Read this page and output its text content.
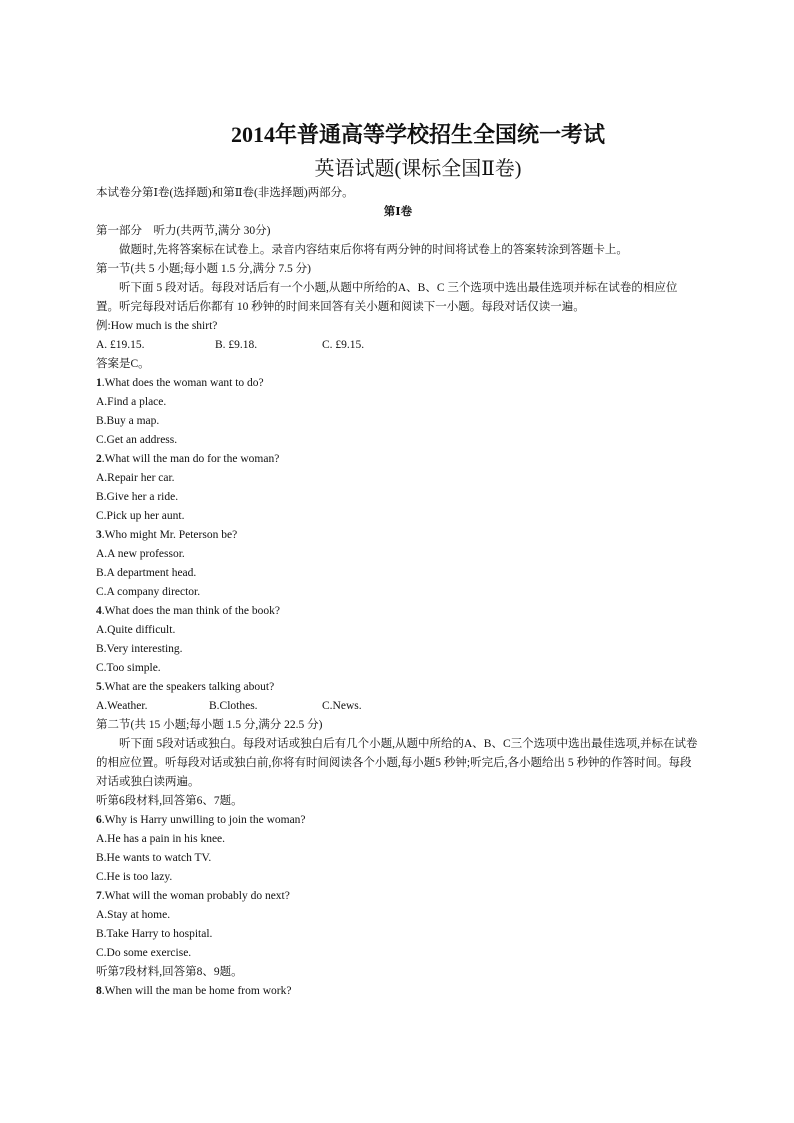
2014年普通高等学校招生全国统一考试
英语试题(课标全国Ⅱ卷)
本试卷分第Ⅰ卷(选择题)和第Ⅱ卷(非选择题)两部分。
第Ⅰ卷
第一部分　听力(共两节,满分 30分)
做题时,先将答案标在试卷上。录音内容结束后你将有两分钟的时间将试卷上的答案转涂到答题卡上。
第一节(共 5 小题;每小题 1.5 分,满分 7.5 分)
听下面 5 段对话。每段对话后有一个小题,从题中所给的A、B、C 三个选项中选出最佳选项并标在试卷的相应位置。听完每段对话后你都有 10 秒钟的时间来回答有关小题和阅读下一小题。每段对话仅读一遍。
例:How much is the shirt?
A. £19.15.	B. £9.18.	C. £9.15.
答案是C。
1.What does the woman want to do?
A.Find a place.
B.Buy a map.
C.Get an address.
2.What will the man do for the woman?
A.Repair her car.
B.Give her a ride.
C.Pick up her aunt.
3.Who might Mr. Peterson be?
A.A new professor.
B.A department head.
C.A company director.
4.What does the man think of the book?
A.Quite difficult.
B.Very interesting.
C.Too simple.
5.What are the speakers talking about?
A.Weather.	B.Clothes.	C.News.
第二节(共 15 小题;每小题 1.5 分,满分 22.5 分)
听下面 5段对话或独白。每段对话或独白后有几个小题,从题中所给的A、B、C三个选项中选出最佳选项,并标在试卷的相应位置。听每段对话或独白前,你将有时间阅读各个小题,每小题5 秒钟;听完后,各小题给出 5 秒钟的作答时间。每段对话或独白读两遍。
听第6段材料,回答第6、7题。
6.Why is Harry unwilling to join the woman?
A.He has a pain in his knee.
B.He wants to watch TV.
C.He is too lazy.
7.What will the woman probably do next?
A.Stay at home.
B.Take Harry to hospital.
C.Do some exercise.
听第7段材料,回答第8、9题。
8.When will the man be home from work?
